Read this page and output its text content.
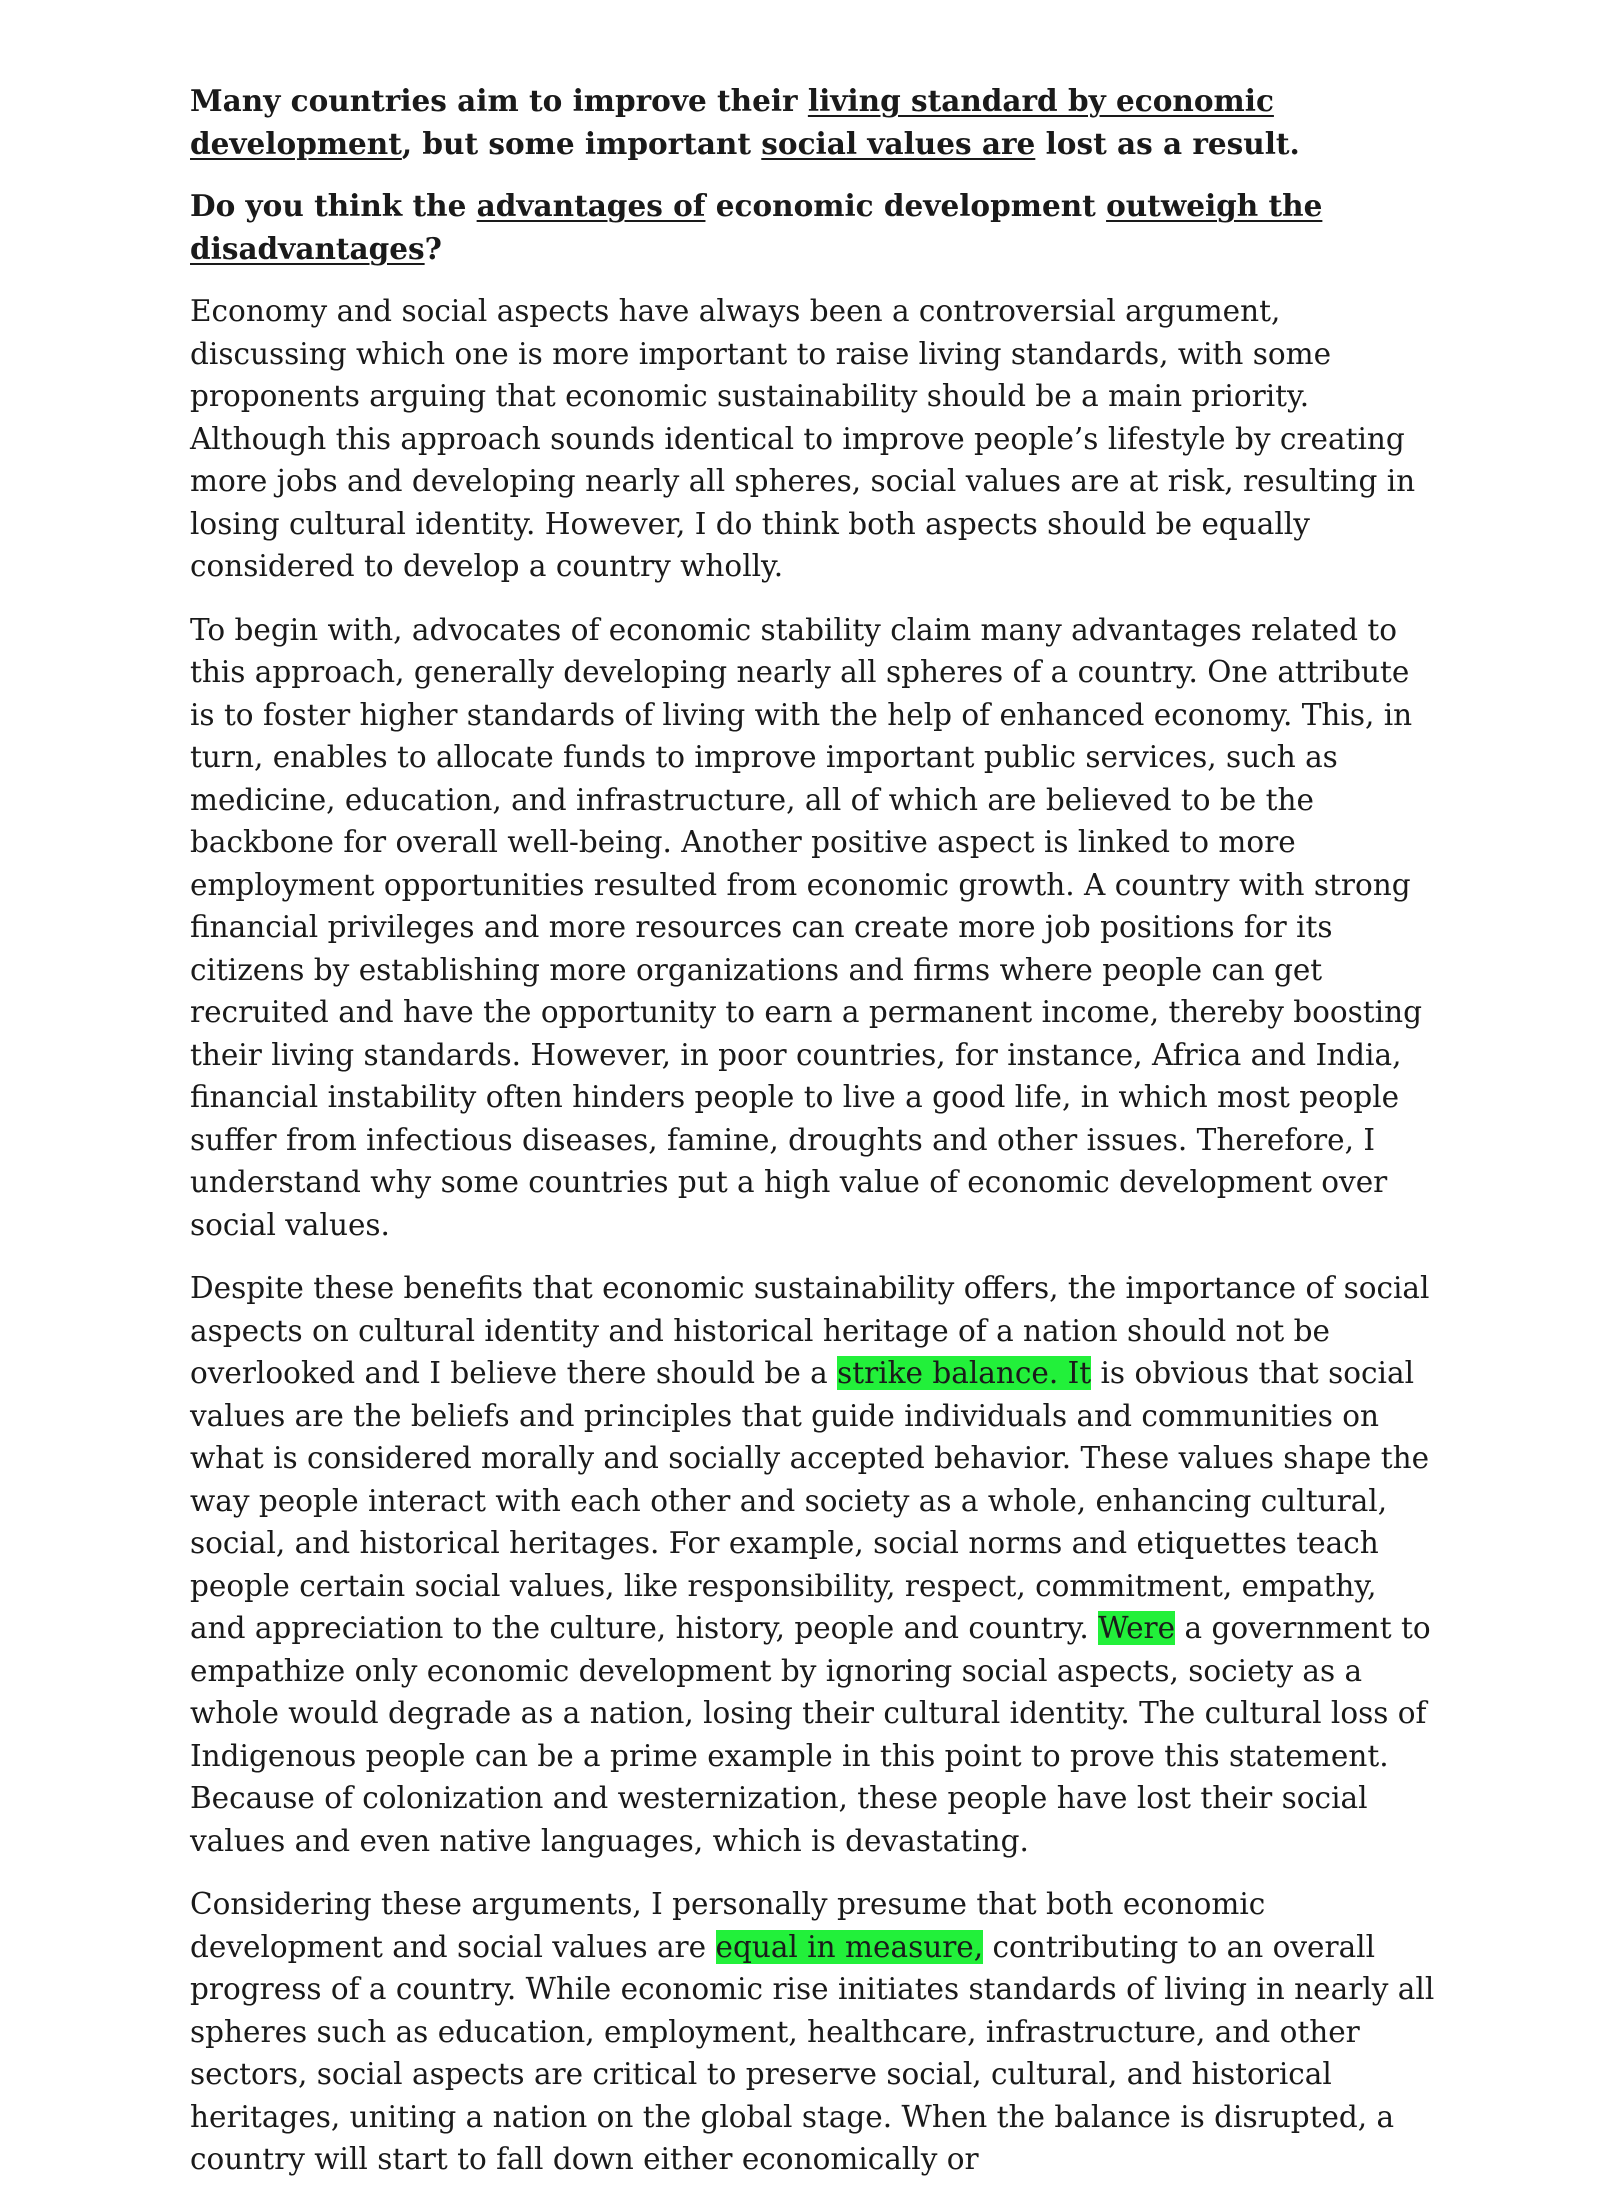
Many countries aim to improve their living standard by economic development, but some important social values are lost as a result.

Do you think the advantages of economic development outweigh the disadvantages?

Economy and social aspects have always been a controversial argument, discussing which one is more important to raise living standards, with some proponents arguing that economic sustainability should be a main priority. Although this approach sounds identical to improve people’s lifestyle by creating more jobs and developing nearly all spheres, social values are at risk, resulting in losing cultural identity. However, I do think both aspects should be equally considered to develop a country wholly.

To begin with, advocates of economic stability claim many advantages related to this approach, generally developing nearly all spheres of a country. One attribute is to foster higher standards of living with the help of enhanced economy. This, in turn, enables to allocate funds to improve important public services, such as medicine, education, and infrastructure, all of which are believed to be the backbone for overall well-being. Another positive aspect is linked to more employment opportunities resulted from economic growth. A country with strong financial privileges and more resources can create more job positions for its citizens by establishing more organizations and firms where people can get recruited and have the opportunity to earn a permanent income, thereby boosting their living standards. However, in poor countries, for instance, Africa and India, financial instability often hinders people to live a good life, in which most people suffer from infectious diseases, famine, droughts and other issues. Therefore, I understand why some countries put a high value of economic development over social values.

Despite these benefits that economic sustainability offers, the importance of social aspects on cultural identity and historical heritage of a nation should not be overlooked and I believe there should be a strike balance. It is obvious that social values are the beliefs and principles that guide individuals and communities on what is considered morally and socially accepted behavior. These values shape the way people interact with each other and society as a whole, enhancing cultural, social, and historical heritages. For example, social norms and etiquettes teach people certain social values, like responsibility, respect, commitment, empathy, and appreciation to the culture, history, people and country. Were a government to empathize only economic development by ignoring social aspects, society as a whole would degrade as a nation, losing their cultural identity. The cultural loss of Indigenous people can be a prime example in this point to prove this statement. Because of colonization and westernization, these people have lost their social values and even native languages, which is devastating.

Considering these arguments, I personally presume that both economic development and social values are equal in measure, contributing to an overall progress of a country. While economic rise initiates standards of living in nearly all spheres such as education, employment, healthcare, infrastructure, and other sectors, social aspects are critical to preserve social, cultural, and historical heritages, uniting a nation on the global stage. When the balance is disrupted, a country will start to fall down either economically or
